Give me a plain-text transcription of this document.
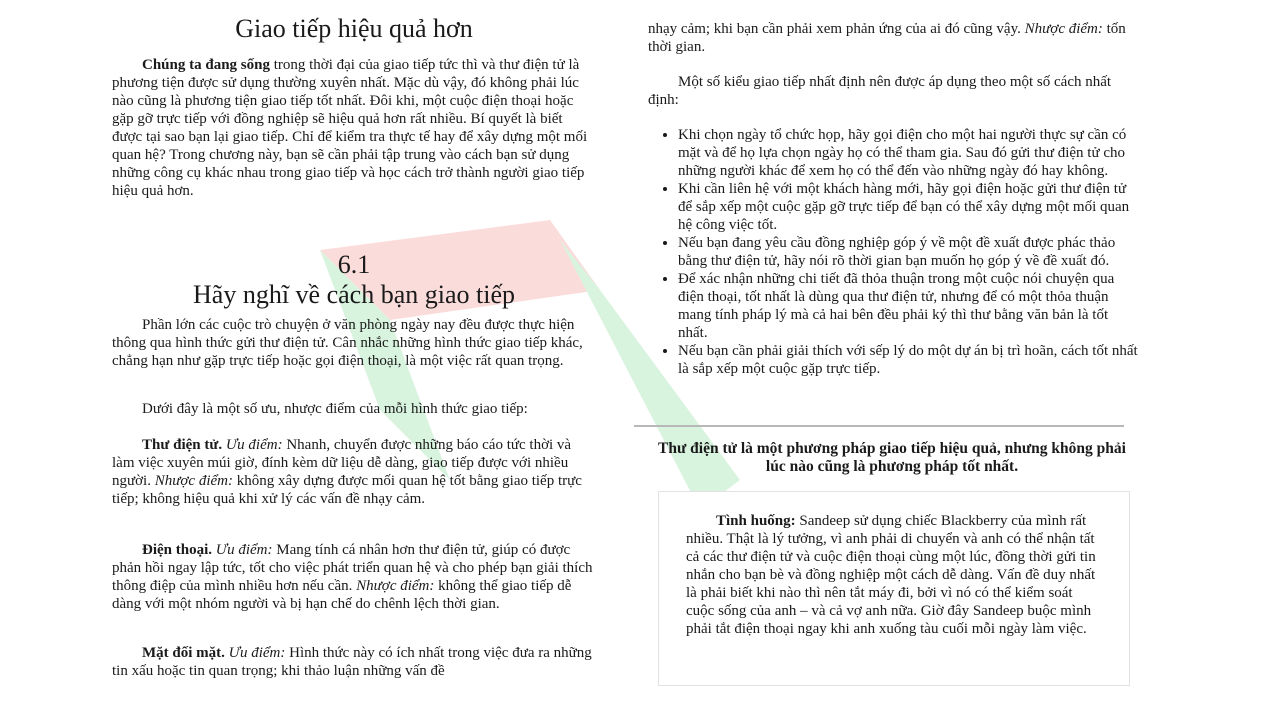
Giao tiếp hiệu quả hơn

Chúng ta đang sống trong thời đại của giao tiếp tức thì và thư điện tử là phương tiện được sử dụng thường xuyên nhất. Mặc dù vậy, đó không phải lúc nào cũng là phương tiện giao tiếp tốt nhất. Đôi khi, một cuộc điện thoại hoặc gặp gỡ trực tiếp với đồng nghiệp sẽ hiệu quả hơn rất nhiều. Bí quyết là biết được tại sao bạn lại giao tiếp. Chỉ để kiểm tra thực tế hay để xây dựng một mối quan hệ? Trong chương này, bạn sẽ cần phải tập trung vào cách bạn sử dụng những công cụ khác nhau trong giao tiếp và học cách trở thành người giao tiếp hiệu quả hơn.

6.1
Hãy nghĩ về cách bạn giao tiếp

Phần lớn các cuộc trò chuyện ở văn phòng ngày nay đều được thực hiện thông qua hình thức gửi thư điện tử. Cân nhắc những hình thức giao tiếp khác, chẳng hạn như gặp trực tiếp hoặc gọi điện thoại, là một việc rất quan trọng.

Dưới đây là một số ưu, nhược điểm của mỗi hình thức giao tiếp:

Thư điện tử. Ưu điểm: Nhanh, chuyển được những báo cáo tức thời và làm việc xuyên múi giờ, đính kèm dữ liệu dễ dàng, giao tiếp được với nhiều người. Nhược điểm: không xây dựng được mối quan hệ tốt bằng giao tiếp trực tiếp; không hiệu quả khi xử lý các vấn đề nhạy cảm.

Điện thoại. Ưu điểm: Mang tính cá nhân hơn thư điện tử, giúp có được phản hồi ngay lập tức, tốt cho việc phát triển quan hệ và cho phép bạn giải thích thông điệp của mình nhiều hơn nếu cần. Nhược điểm: không thể giao tiếp dễ dàng với một nhóm người và bị hạn chế do chênh lệch thời gian.

Mặt đối mặt. Ưu điểm: Hình thức này có ích nhất trong việc đưa ra những tin xấu hoặc tin quan trọng; khi thảo luận những vấn đề

nhạy cảm; khi bạn cần phải xem phản ứng của ai đó cũng vậy. Nhược điểm: tốn thời gian.

Một số kiểu giao tiếp nhất định nên được áp dụng theo một số cách nhất định:

• Khi chọn ngày tổ chức họp, hãy gọi điện cho một hai người thực sự cần có mặt và để họ lựa chọn ngày họ có thể tham gia. Sau đó gửi thư điện tử cho những người khác để xem họ có thể đến vào những ngày đó hay không.
• Khi cần liên hệ với một khách hàng mới, hãy gọi điện hoặc gửi thư điện tử để sắp xếp một cuộc gặp gỡ trực tiếp để bạn có thể xây dựng một mối quan hệ công việc tốt.
• Nếu bạn đang yêu cầu đồng nghiệp góp ý về một đề xuất được phác thảo bằng thư điện tử, hãy nói rõ thời gian bạn muốn họ góp ý về đề xuất đó.
• Để xác nhận những chi tiết đã thỏa thuận trong một cuộc nói chuyện qua điện thoại, tốt nhất là dùng qua thư điện tử, nhưng để có một thỏa thuận mang tính pháp lý mà cả hai bên đều phải ký thì thư bằng văn bản là tốt nhất.
• Nếu bạn cần phải giải thích với sếp lý do một dự án bị trì hoãn, cách tốt nhất là sắp xếp một cuộc gặp trực tiếp.
Thư điện tử là một phương pháp giao tiếp hiệu quả, nhưng không phải lúc nào cũng là phương pháp tốt nhất.

Tình huống: Sandeep sử dụng chiếc Blackberry của mình rất nhiều. Thật là lý tưởng, vì anh phải di chuyển và anh có thể nhận tất cả các thư điện tử và cuộc điện thoại cùng một lúc, đồng thời gửi tin nhắn cho bạn bè và đồng nghiệp một cách dễ dàng. Vấn đề duy nhất là phải biết khi nào thì nên tắt máy đi, bởi vì nó có thể kiểm soát cuộc sống của anh – và cả vợ anh nữa. Giờ đây Sandeep buộc mình phải tắt điện thoại ngay khi anh xuống tàu cuối mỗi ngày làm việc.
